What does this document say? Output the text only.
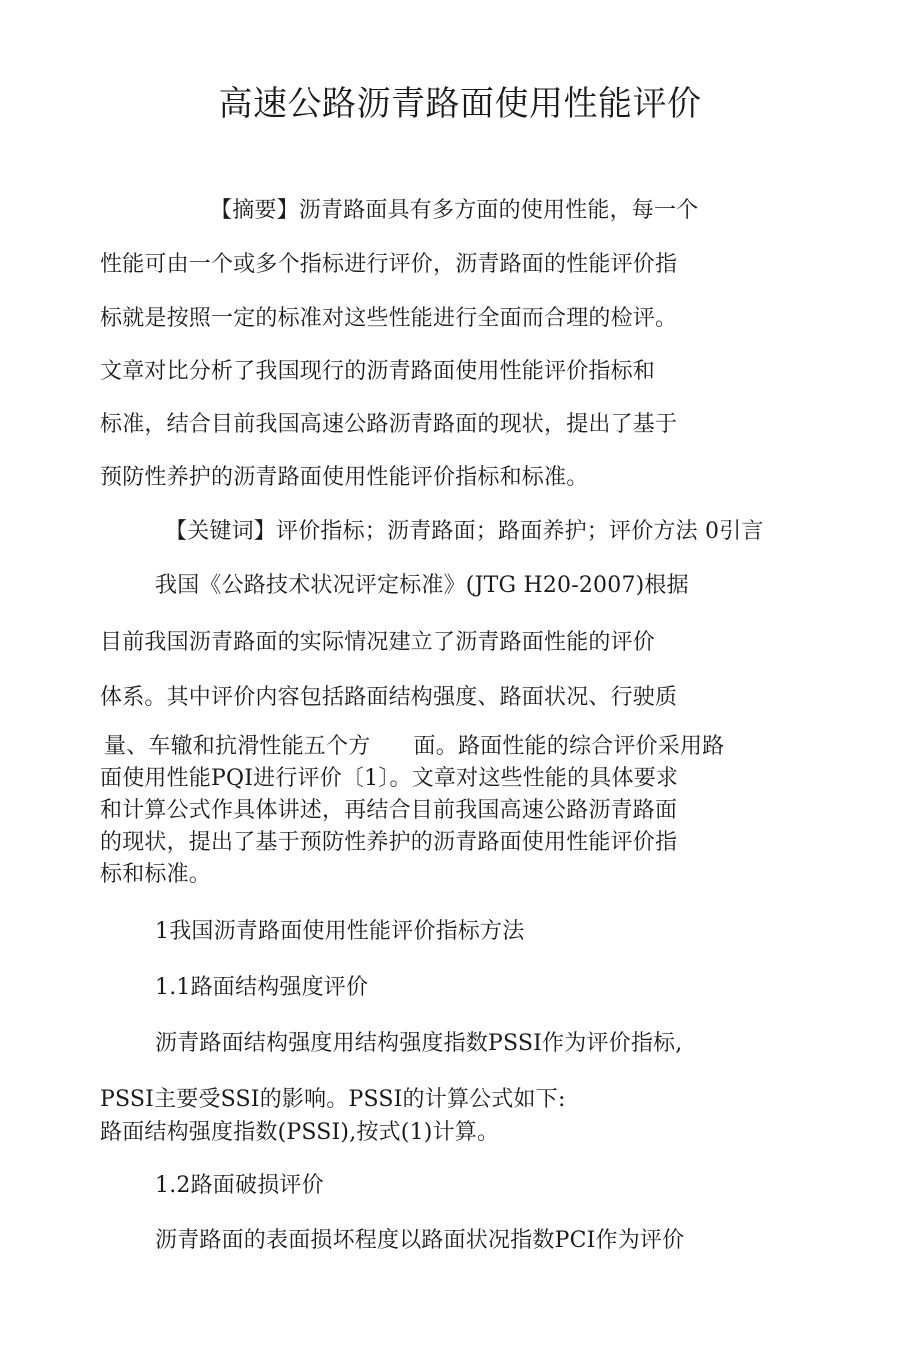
高速公路沥青路面使用性能评价
【摘要】沥青路面具有多方面的使用性能，每一个
性能可由一个或多个指标进行评价，沥青路面的性能评价指
标就是按照一定的标准对这些性能进行全面而合理的检评。
文章对比分析了我国现行的沥青路面使用性能评价指标和
标准，结合目前我国高速公路沥青路面的现状，提出了基于
预防性养护的沥青路面使用性能评价指标和标准。
【关键词】评价指标；沥青路面；路面养护；评价方法 0引言
我国《公路技术状况评定标准》(JTG H20-2007)根据
目前我国沥青路面的实际情况建立了沥青路面性能的评价
体系。其中评价内容包括路面结构强度、路面状况、行驶质
量、车辙和抗滑性能五个方      面。路面性能的综合评价采用路
面使用性能PQI进行评价〔1〕。文章对这些性能的具体要求
和计算公式作具体讲述，再结合目前我国高速公路沥青路面
的现状，提出了基于预防性养护的沥青路面使用性能评价指
标和标准。
1我国沥青路面使用性能评价指标方法
1.1路面结构强度评价
沥青路面结构强度用结构强度指数PSSI作为评价指标,
PSSI主要受SSI的影响。PSSI的计算公式如下:
路面结构强度指数(PSSI),按式(1)计算。
1.2路面破损评价
沥青路面的表面损坏程度以路面状况指数PCI作为评价
